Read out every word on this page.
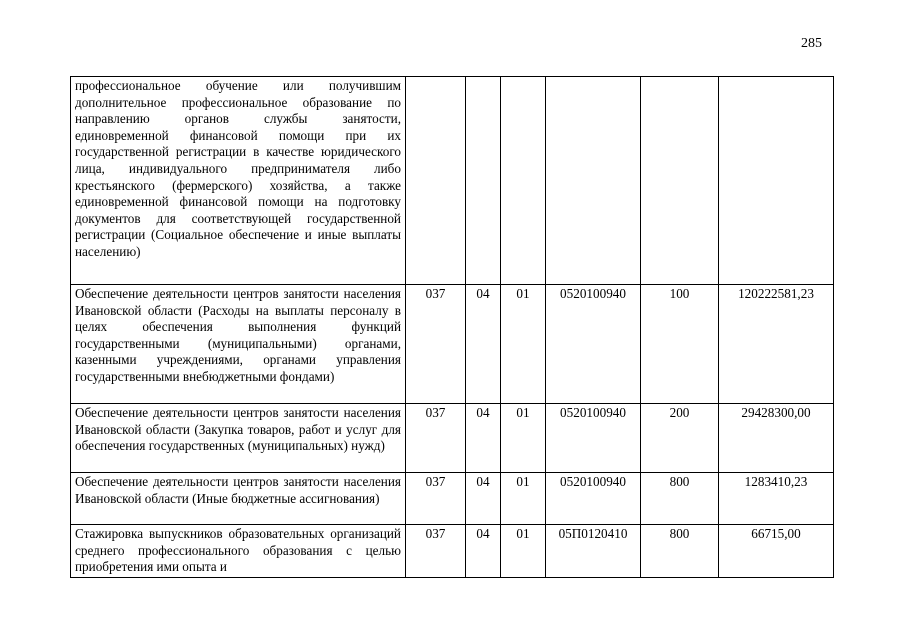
285
профессиональное обучение или получившим дополнительное профессиональное образование по направлению органов службы занятости, единовременной финансовой помощи при их государственной регистрации в качестве юридического лица, индивидуального предпринимателя либо крестьянского (фермерского) хозяйства, а также единовременной финансовой помощи на подготовку документов для соответствующей государственной регистрации (Социальное обеспечение и иные выплаты населению)						
Обеспечение деятельности центров занятости населения Ивановской области (Расходы на выплаты персоналу в целях обеспечения выполнения функций государственными (муниципальными) органами, казенными учреждениями, органами управления государственными внебюджетными фондами)	037	04	01	0520100940	100	120222581,23
Обеспечение деятельности центров занятости населения Ивановской области (Закупка товаров, работ и услуг для обеспечения государственных (муниципальных) нужд)	037	04	01	0520100940	200	29428300,00
Обеспечение деятельности центров занятости населения Ивановской области (Иные бюджетные ассигнования)	037	04	01	0520100940	800	1283410,23
Стажировка выпускников образовательных организаций среднего профессионального образования с целью приобретения ими опыта и	037	04	01	05П0120410	800	66715,00
